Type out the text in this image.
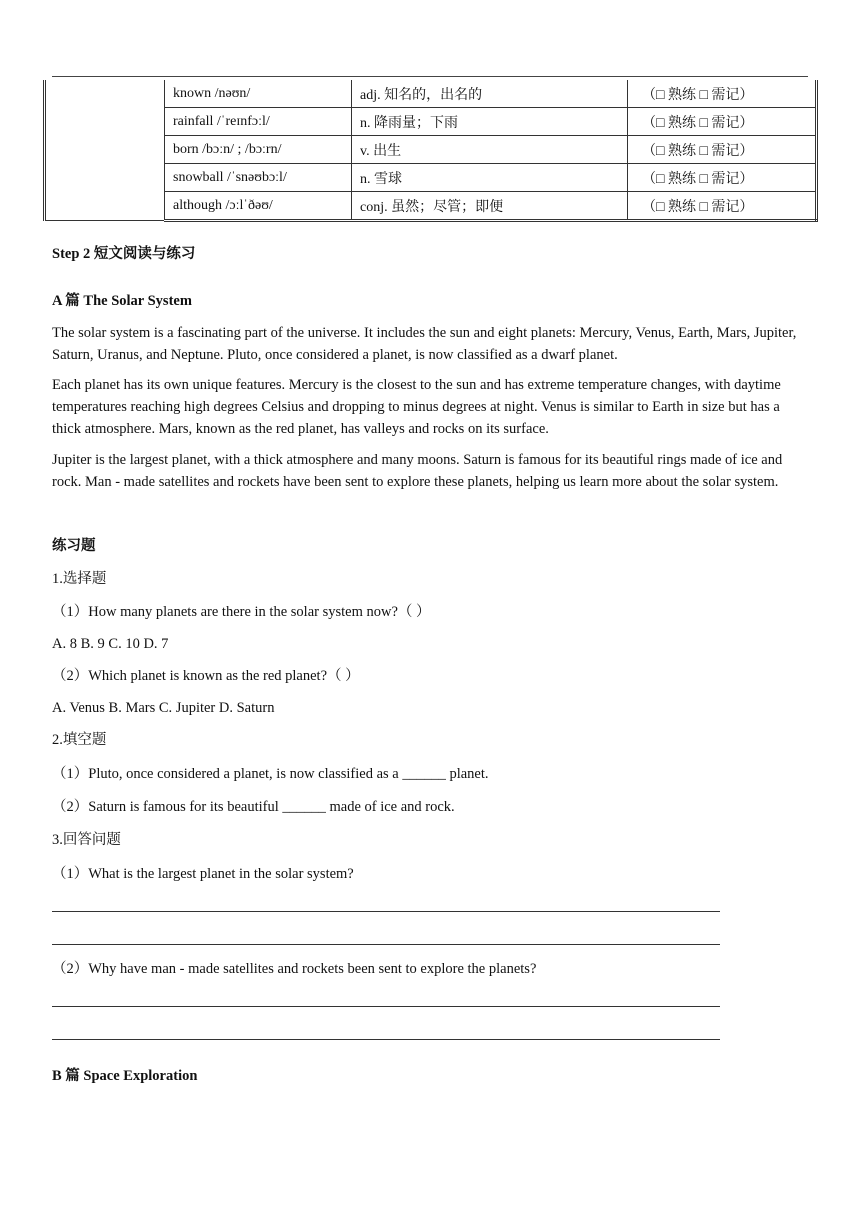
	known /nəʊn/	adj. 知名的，出名的	（□ 熟练 □ 需记）
	rainfall /ˈreɪnfɔːl/	n. 降雨量；下雨	（□ 熟练 □ 需记）
	born /bɔːn/ ; /bɔːrn/	v. 出生	（□ 熟练 □ 需记）
	snowball /ˈsnəʊbɔːl/	n. 雪球	（□ 熟练 □ 需记）
	although /ɔːlˈðəʊ/	conj. 虽然；尽管；即便	（□ 熟练 □ 需记）
Step 2 短文阅读与练习
A 篇 The Solar System
The solar system is a fascinating part of the universe. It includes the sun and eight planets: Mercury, Venus, Earth, Mars, Jupiter, Saturn, Uranus, and Neptune. Pluto, once considered a planet, is now classified as a dwarf planet.
Each planet has its own unique features. Mercury is the closest to the sun and has extreme temperature changes, with daytime temperatures reaching high degrees Celsius and dropping to minus degrees at night. Venus is similar to Earth in size but has a thick atmosphere. Mars, known as the red planet, has valleys and rocks on its surface.
Jupiter is the largest planet, with a thick atmosphere and many moons. Saturn is famous for its beautiful rings made of ice and rock. Man - made satellites and rockets have been sent to explore these planets, helping us learn more about the solar system.
练习题
1.选择题
（1）How many planets are there in the solar system now?（ ）
A. 8 B. 9 C. 10 D. 7
（2）Which planet is known as the red planet?（ ）
A. Venus B. Mars C. Jupiter D. Saturn
2.填空题
（1）Pluto, once considered a planet, is now classified as a ______ planet.
（2）Saturn is famous for its beautiful ______ made of ice and rock.
3.回答问题
（1）What is the largest planet in the solar system?
（2）Why have man - made satellites and rockets been sent to explore the planets?
B 篇 Space Exploration
